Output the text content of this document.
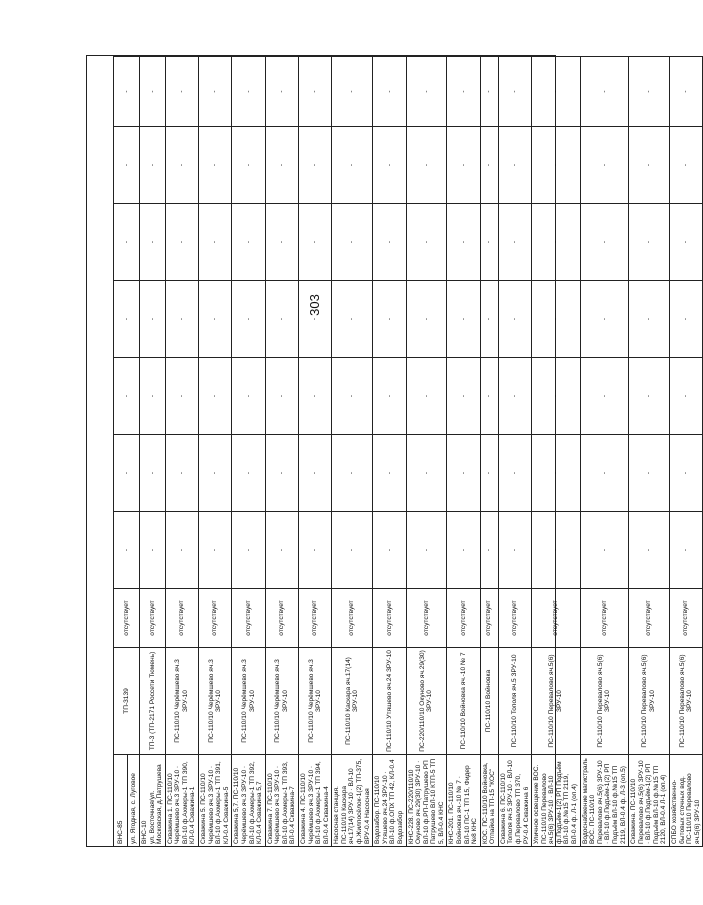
303
ВНС-85	ТП-3139	отсутствует	-	-	-	-	-	-	-
ул. Ягодная, с. Луговое									
ВНС-10
ул. Восточная/ул. Московская, д.Патрушева	ТП-3 (ТП-2171 Россети Тюмень)	отсутствует	-	-	-	-	-	-	-
Скважина 1. ПС-110/10 Черёмшево яч.3 ЗРУ-10 · ВЛ-10 ф.Ахмеры-1 ТП 390, КЛ-0.4 Скважина-1	ПС-110/10 Черёмшево яч.3 ЗРУ-10	отсутствует	-	-	-	-	-	-	-
Скважина 5. ПС-110/10 Черёмшево яч.3 ЗРУ-10 · ВЛ-10 ф.Ахмеры-1 ТП 391, КЛ-0.4 Скважина-5	ПС-110/10 Черёмшево яч.3 ЗРУ-10	отсутствует	-	-	-	-	-	-	-
Скважина 5,7. ПС-110/10 Черёмшево яч.3 ЗРУ-10 · ВЛ-10 ф.Ахмеры-1 ТП 392, КЛ-0.4 Скважина 5,7	ПС-110/10 Черёмшево яч.3 ЗРУ-10	отсутствует	-	-	-	-	-	-	-
Скважина 7. ПС-110/10 Черёмшево яч.3 ЗРУ-10 · ВЛ-10 ф.Ахмеры-1 ТП 393, ВЛ-0.4 Скважина-7	ПС-110/10 Черёмшево яч.3 ЗРУ-10	отсутствует	-	-	-	-	-	-	-
Скважина 4. ПС-110/10 Черёмшево яч.3 ЗРУ-10 · ВЛ-10 ф.Ахмеры-1 ТП 394, ВЛ-0.4 Скважина-4	ПС-110/10 Черёмшево яч.3 ЗРУ-10	отсутствует	-	-	-	-	-	-	-
Насосная станция. ПС-110/10 Каскара яч.17(14) ЗРУ-10 · ВЛ-10 ф.Жилпосёлок-1(2) ТП-375, ВРУ-0.4 Насосная	ПС-110/10 Каскара яч.17(14) ЗРУ-10	отсутствует	-	-	-	-	-	-	-
Водозабор. ПС-110/10 Утяшево яч.24 ЗРУ-10 · ВЛ-10 ф.ОПХ ТП 42, КЛ-0.4 Водозабор	ПС-110/10 Утяшево яч.24 ЗРУ-10	отсутствует	-	-	-	-	-	-	-
КНС-228. ПС-220/110/10 Окуново яч.29(30) ЗРУ-10 · ВЛ-10 ф.РП-Патрушево РП Патрушево ВЛ-10 КТП-5 ТП 5, ВЛ-0.4 КНС	ПС-220/110/10 Окуново яч.29(30) ЗРУ-10	отсутствует	-	-	-	-	-	-	-
КНС-201. ПС-110/10 Войновка яч.-10 № 7 · ВЛ-10 ПС-1 ТП 15, Фидер №8 КНС	ПС-110/10 Войновка яч.-10 № 7	отсутствует	-	-	-	-	-	-	-
КОС. ПС-110/10 Войновка, Отпайка на ТП-15 "КОС"	ПС-110/10 Войновка	отсутствует	-	-	-	-	-	-	-
Скважина 6. ПС-110/10 Тополя яч.5 ЗРУ-10 · ВЛ-10 ф.Перевалово ТП 370, РУ-0.4 Скважина 6	ПС-110/10 Тополя яч.5 ЗРУ-10	отсутствует	-	-	-	-	-	-	-
Уличное освещение ВОС. ПС-110/10 Перевалово яч.5(6) ЗРУ-10 · ВЛ-10 ф.Подъём-1(2) РП Подъём ВЛ-10 ф.№15 ТП 2119, ВЛ-0.4 ф. Л-1 (оп.4)	ПС-110/10 Перевалово яч.5(6) ЗРУ-10	отсутствует	-	-	-	-	-	-	-
Водоснабжение магистраль ВОС. ПС-110/10 Перевалово яч.5(6) ЗРУ-10 · ВЛ-10 ф.Подъём-1(2) РП Подъём ВЛ-10 ф.№15 ТП 2119, ВЛ-0.4 ф. Л-3 (оп.5)	ПС-110/10 Перевалово яч.5(6) ЗРУ-10	отсутствует	-	-	-	-	-	-	-
Скважина. ПС-110/10 Перевалово яч.5(6) ЗРУ-10 · ВЛ-10 ф.Подъём-1(2) РП Подъём ВЛ-10 ф.№15 ТП 2120, ВЛ-0.4 Л-1 (оп.4)	ПС-110/10 Перевалово яч.5(6) ЗРУ-10	отсутствует	-	-	-	-	-	-	-
СПБО хозяйственно-бытовых сточных вод. ПС-110/10 Перевалово яч.5(6) ЗРУ-10	ПС-110/10 Перевалово яч.5(6) ЗРУ-10	отсутствует	-	-	-	-	-	-	-
